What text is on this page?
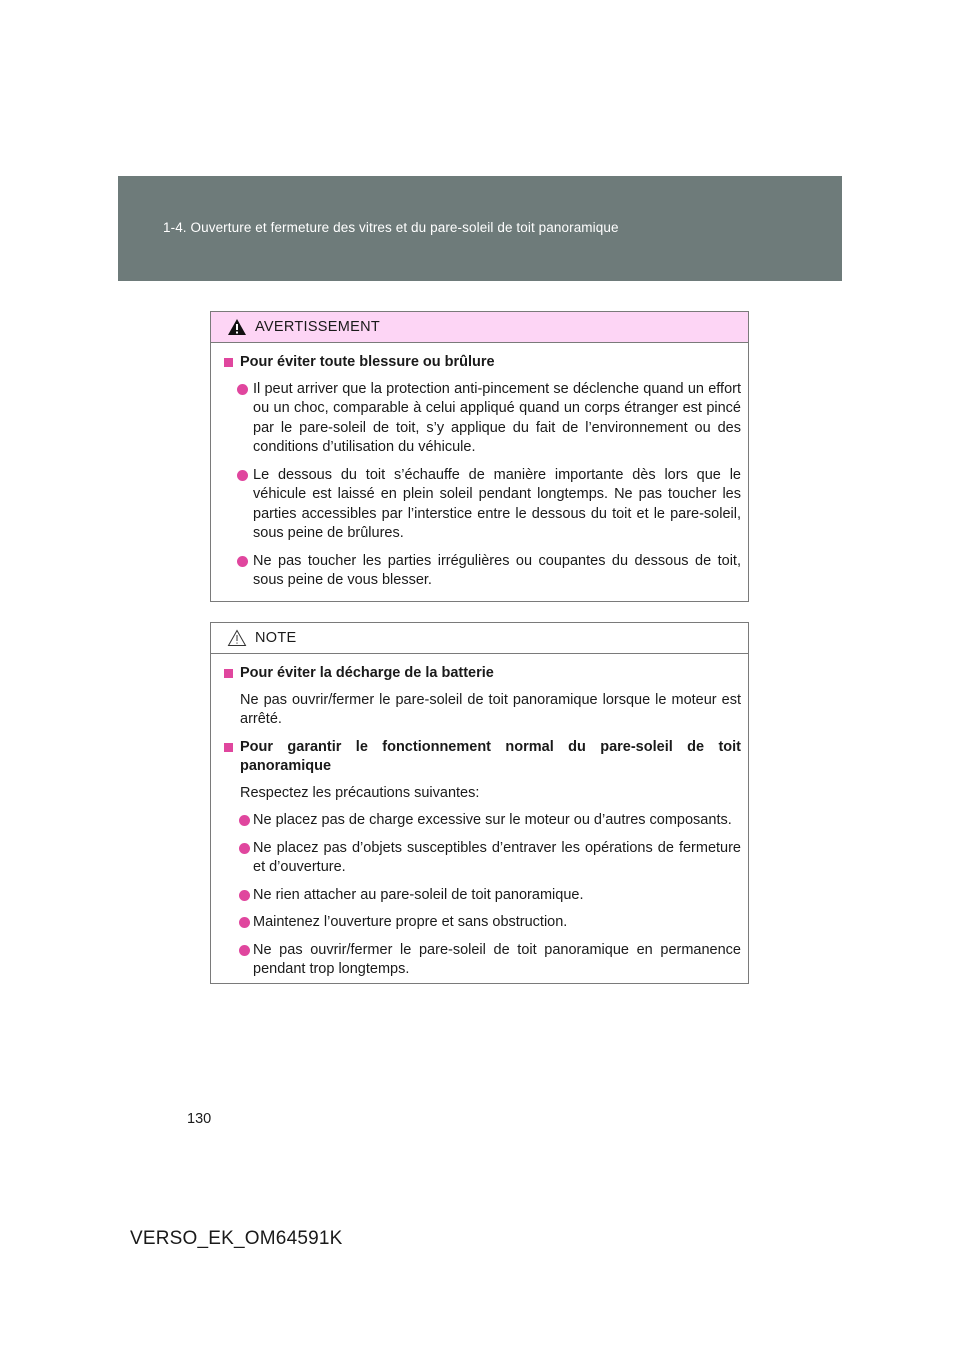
1-4. Ouverture et fermeture des vitres et du pare-soleil de toit panoramique
AVERTISSEMENT
Pour éviter toute blessure ou brûlure
Il peut arriver que la protection anti-pincement se déclenche quand un effort ou un choc, comparable à celui appliqué quand un corps étranger est pincé par le pare-soleil de toit, s’y applique du fait de l’environnement ou des conditions d’utilisation du véhicule.
Le dessous du toit s’échauffe de manière importante dès lors que le véhicule est laissé en plein soleil pendant longtemps. Ne pas toucher les parties accessibles par l’interstice entre le dessous du toit et le pare-soleil, sous peine de brûlures.
Ne pas toucher les parties irrégulières ou coupantes du dessous de toit, sous peine de vous blesser.
NOTE
Pour éviter la décharge de la batterie
Ne pas ouvrir/fermer le pare-soleil de toit panoramique lorsque le moteur est arrêté.
Pour garantir le fonctionnement normal du pare-soleil de toit panoramique
Respectez les précautions suivantes:
Ne placez pas de charge excessive sur le moteur ou d’autres composants.
Ne placez pas d’objets susceptibles d’entraver les opérations de fermeture et d’ouverture.
Ne rien attacher au pare-soleil de toit panoramique.
Maintenez l’ouverture propre et sans obstruction.
Ne pas ouvrir/fermer le pare-soleil de toit panoramique en permanence pendant trop longtemps.
130
VERSO_EK_OM64591K
